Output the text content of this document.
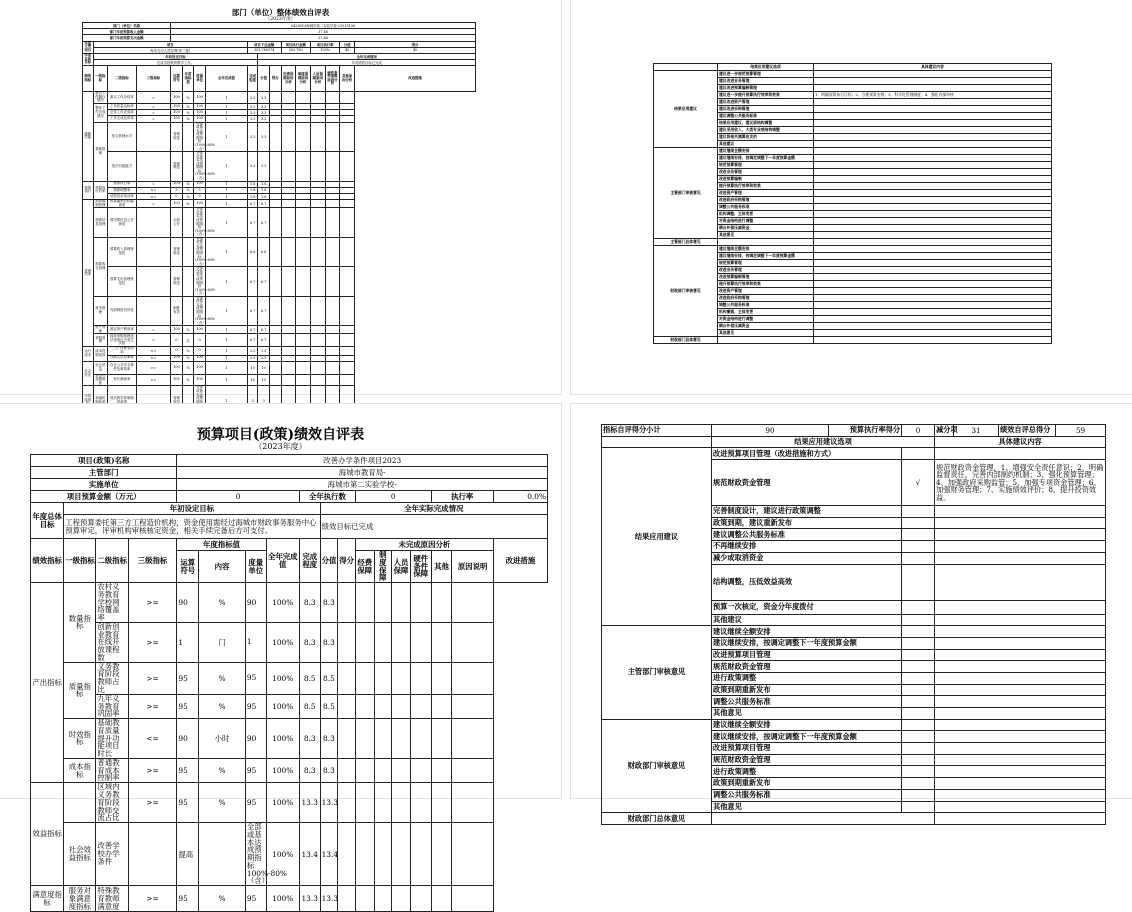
部门（单位）整体绩效自评表
（2023年度）
部门（单位）名称				0428013海城市第二实验学校-21018106												
部门年初预算收入金额				37.46												
部门年初预算支出金额				37.46												
年度主要项目	项目							项目下达金额			项目执行金额		项目执行率		分值	得分
	海未支出人员经费(第三批)							353.780574			353.780		100%		40	40
年度总体目标	年初设定目标								全年完成情况							
	完成学校教育教学工作。								年初绩效目标已完成							
绩效指标	一级指标	二级指标	三级指标	运算符号	年度指标值	度量单位	全年完成值	完成程度	分值	得分	经费保障原因分析	制度保障原因分析	人员保障原因分析	硬件条件保障原因分析	其他原因分析	改进措施
履职效能	重点工作履行情况	重点工作办结率	=	100	%	100	1	3.3	3.3							
	整体工作完成情况	工作质量达标率	=	100	%	100	1	3.3	3.3							
		总体工作完成率	=	100	%	100	1	3.3	3.3							
		工作完成及时率	=	100	%	100	1	3.3	3.3							
	基础管理	综合管理水平		管理规范		全部或基本达成预期指标(100%-80%（含）	1	3.3	3.3							
		依法行政能力		管理规范		全部或基本达成预期指标(100%-80%（含）	1	3.3	3.3							
预算执行	预算执行效率	预算执行率	=	100	%	100	1	1.6	1.6							
		预算调整率	<=	5	%	5	1	1.6	1.6							
		结转结余变动率	<=	0	%	0	1	1.6	1.6							
管理效率	预算编制管理	预算编制目标偏离度	=	100	%	100	1	6.7	6.7							
	预算信息管理	预决算信息公开规范		全面公开		全部或基本达成预期指标(100%-80%（含）	1	6.7	6.7							
	预算收支管理	预算收入管理规范性		管理规范		全部或基本达成预期指标(100%-80%（含）	1	6.6	6.6							
		预算支出管理规范性		管理规范		全部或基本达成预期指标(100%-80%（含）	1	6.7	6.7							
	财务管理	内部制度有效性		制度有效		全部或基本达成预期指标(100%-80%（含）	1	6.7	6.7							
	资产管理	固定资产利用率	=	100	%	100	1	6.7	6.7							
	采购管理	政府采购管理违法违规行为发生次数	=	0	次	0	1	6.7	6.7							
运行成本	成本控制成效	"三公"经费变动率	<=	0	%	0	1	2.5	2.5							
		在职人员控制率	<=	100	%	100	1	2.5	2.5							
社会效应	社会效益	存在公共安全事件及事故率	>=	100	%	100	1	10	10							
	社会公众满意度	家长满意率	>=	100	%	100	1	10	10							
可持续指	和谐机制改革	现代教学体制制度改革		管理规范		全部或基本达成预期指	1	3	3							

	结果应用建议选项	具体建议内容
结果应用建议	建议进一步规范预算管理	
	建议改进业务管理	
	建议改进预算编制管理	
	建议进一步提升预算执行效率和效果	1、明确预算执行目标；2、合理预算安排；3、科学化管理制度；4、强化内部审核
	建议改进资产管理	
	建议改进采购管理	
	建议调整公共服务标准	
	结果应用建议，建议原结构调整	
	建议采用收入、大类专业或结构调整	
	建议将相关测算收支的	
	其他建议	
主管部门审核意见	建议继续全额安排	
	建议继续安排，按调定调整下一年度预算金额	
	规范预算管理	
	改进业务管理	
	改进预算编制	
	提升预算执行效率和效果	
	改进资产管理	
	改进政府采购管理	
	调整公共服务标准	
	机构调整，主体变更	
	对资金结构进行调整	
	绩台补偿压减资金	
	其他意见	
主管部门总体意见		
财政部门审核意见	建议继续全额安排	
	建议继续安排，按调定调整下一年度预算金额	
	规范预算管理	
	改进业务管理	
	改进预算编制管理	
	提升预算执行效率和效果	
	改进资产管理	
	改进政府采购管理	
	调整公共服务标准	
	机构撤销，主体变更	
	对资金结构进行调整	
	绩台补偿压减资金	
	其他意见	
财政部门总体意见		
预算项目(政策)绩效自评表
（2023年度）
项目(政策)名称				改善办学条件项目2023													
主管部门				海城市教育局-													
实施单位				海城市第二实验学校-													
项目预算金额（万元）				0				全年执行数			0				执行率		0.0%
年度总体目标	年初设定目标								全年实际完成情况								
	工程预算委托第三方工程造价机构，资金使用需经过海城市财政事务服务中心预算审定，评审机构审核核定资金，相关手续完备后方可支付。								绩效目标已完成								
绩效指标	一级指标	二级指标	三级指标	年度指标值			全年完成值	完成程度	分值	得分	未完成原因分析						改进措施
				运算符号	内容	度量单位					经费保障	制度保障	人员保障	硬件条件保障	其他	原因说明	
产出指标	数量指标	农村义务教育学校网络覆盖率	>=	90	%	90	100%	8.3	8.3								
		创新创业教育在线开放课程数	>=	1	门	1	100%	8.3	8.3								
	质量指标	义务教育阶段教师占比	>=	95	%	95	100%	8.5	8.5								
		九年义务教育巩固率	>=	95	%	95	100%	8.5	8.5								
	时效指标	基础教育质量提升功能项目时长	<=	90	小时	90	100%	8.3	8.3								
	成本指标	普通教育成本控制率	>=	95	%	95	100%	8.3	8.3								
效益指标		区域内义务教育阶段教师交流占比	>=	95	%	95	100%	13.3	13.3								
	社会效益指标	改善学校办学条件		提高		全部或基本达成预期指标100%-80%（含）	100%	13.4	13.4								
满意度指标	服务对象满意度指标	特殊教育教师满意度	>=	95	%	95	100%	13.3	13.3								
指标自评得分小计	90	预算执行率得分	0	减分项	31	绩效自评总得分	59
	结果应用建议选项			具体建议内容			
结果应用建议	改进预算项目管理（改进措施和方式）						
	规范财政资金管理		√	规范财政资金管理，1、增强安全责任意识；2、明确监督责任，完善内部制约机制；3、强化预算管理；4、加强政府采购监管；5、加强专项资金管理；6、加强财务管理；7、实施绩效评价；8、提升投资效益。			
	完善制度设计，建议进行政策调整						
	政策到期，建议重新发布						
	建议调整公共服务标准						
	不再继续安排						
	减少或取消资金						
	结构调整，压低效益高效						
	预算一次核定，资金分年度拨付						
	其他建议						
主管部门审核意见	建议继续全额安排						
	建议继续安排，按调定调整下一年度预算金额						
	改进预算项目管理						
	规范财政资金管理						
	进行政策调整						
	政策到期重新发布						
	调整公共服务标准						
	其他意见						
财政部门审核意见	建议继续全额安排						
	建议继续安排，按调定调整下一年度预算金额						
	改进预算项目管理						
	规范财政资金管理						
	进行政策调整						
	政策到期重新发布						
	调整公共服务标准						
	其他意见						
财政部门总体意见							
